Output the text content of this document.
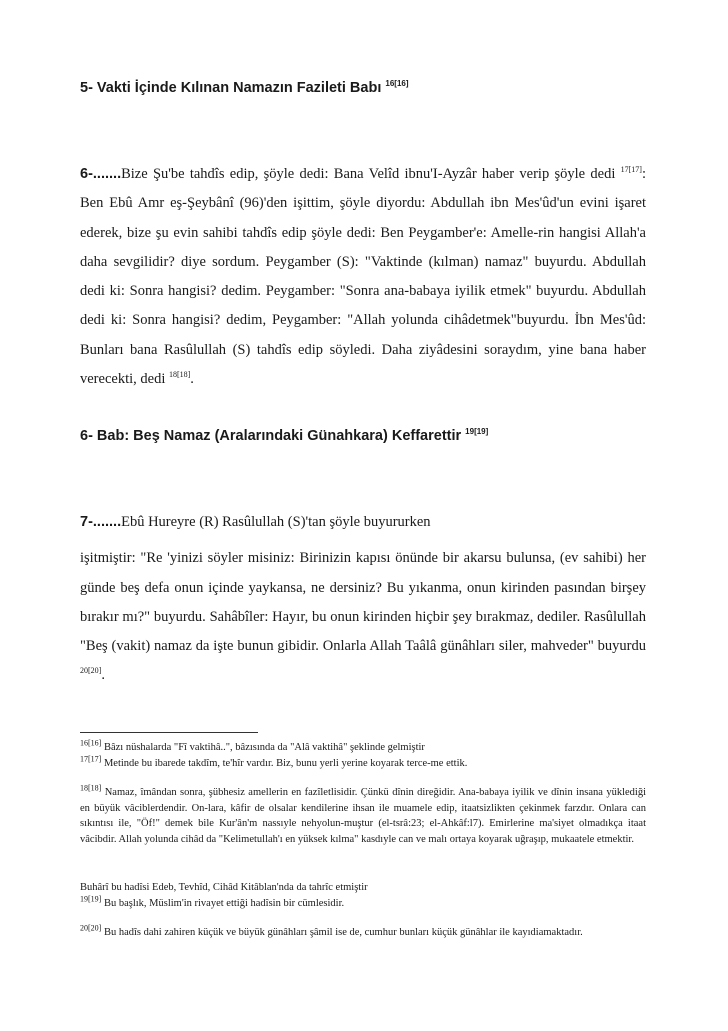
5- Vakti İçinde Kılınan Namazın Fazileti Babı $^{16[16]}$

6-.......Bize Şu'be tahdîs edip, şöyle dedi: Bana Velîd ibnu'I-Ayzâr haber verip şöyle dedi $^{17[17]}$: Ben Ebû Amr eş-Şeybânî (96)'den işittim, şöyle diyordu: Abdullah ibn Mes'ûd'un evini işaret ederek, bize şu evin sahibi tahdîs edip şöyle dedi: Ben Peygamber'e: Amelle-rin hangisi Allah'a daha sevgilidir? diye sordum. Peygamber (S): "Vaktinde (kılman) namaz" buyurdu. Abdullah dedi ki: Sonra hangisi? dedim. Peygamber: "Sonra ana-babaya iyilik etmek" buyurdu. Abdullah dedi ki: Sonra hangisi? dedim, Peygamber: "Allah yolunda cihâdetmek"buyurdu. İbn Mes'ûd: Bunları bana Rasûlullah (S) tahdîs edip söyledi. Daha ziyâdesini soraydım, yine bana haber verecekti, dedi $^{18[18]}$.

6- Bab: Beş Namaz (Aralarındaki Günahkara) Keffarettir $^{19[19]}$

7-.......Ebû Hureyre (R) Rasûlullah (S)'tan şöyle buyururken

işitmiştir: "Re 'yinizi söyler misiniz: Birinizin kapısı önünde bir akarsu bulunsa, (ev sahibi) her günde beş defa onun içinde yaykansa, ne dersiniz? Bu yıkanma, onun kirinden pasından birşey bırakır mı?" buyurdu. Sahâbîler: Hayır, bu onun kirinden hiçbir şey bırakmaz, dediler. Rasûlullah "Beş (vakit) namaz da işte bunun gibidir. Onlarla Allah Taâlâ günâhları siler, mahveder" buyurdu $^{20[20]}$.

$^{16[16]}$ Bâzı nüshalarda "Fî vaktihâ..", bâzısında da "Alâ vaktihâ" şeklinde gelmiştir
$^{17[17]}$ Metinde bu ibarede takdîm, te'hîr vardır. Biz, bunu yerli yerine koyarak terce-me ettik.
$^{18[18]}$ Namaz, îmândan sonra, şübhesiz amellerin en fazîletlisidir. Çünkü dînin direğidir. Ana-babaya iyilik ve dînin insana yüklediği en büyük vâciblerdendir. On-lara, kâfir de olsalar kendilerine ihsan ile muamele edip, itaatsizlikten çekinmek farzdır. Onlara can sıkıntısı ile, "Öf!" demek bile Kur'ân'm nassıyle nehyolun-muştur (el-tsrâ:23; el-Ahkâf:l7). Emirlerine ma'siyet olmadıkça itaat vâcibdir. Allah yolunda cihâd da "Kelimetullah'ı en yüksek kılma" kasdıyle can ve malı ortaya koyarak uğraşıp, mukaatele etmektir.
Buhârî bu hadîsi Edeb, Tevhîd, Cihâd Kitâblan'nda da tahrîc etmiştir
$^{19[19]}$ Bu başlık, Müslim'in rivayet ettiği hadîsin bir cümlesidir.
$^{20[20]}$ Bu hadîs dahi zahiren küçük ve büyük günâhları şâmil ise de, cumhur bunları küçük günâhlar ile kayıdiamaktadır.
